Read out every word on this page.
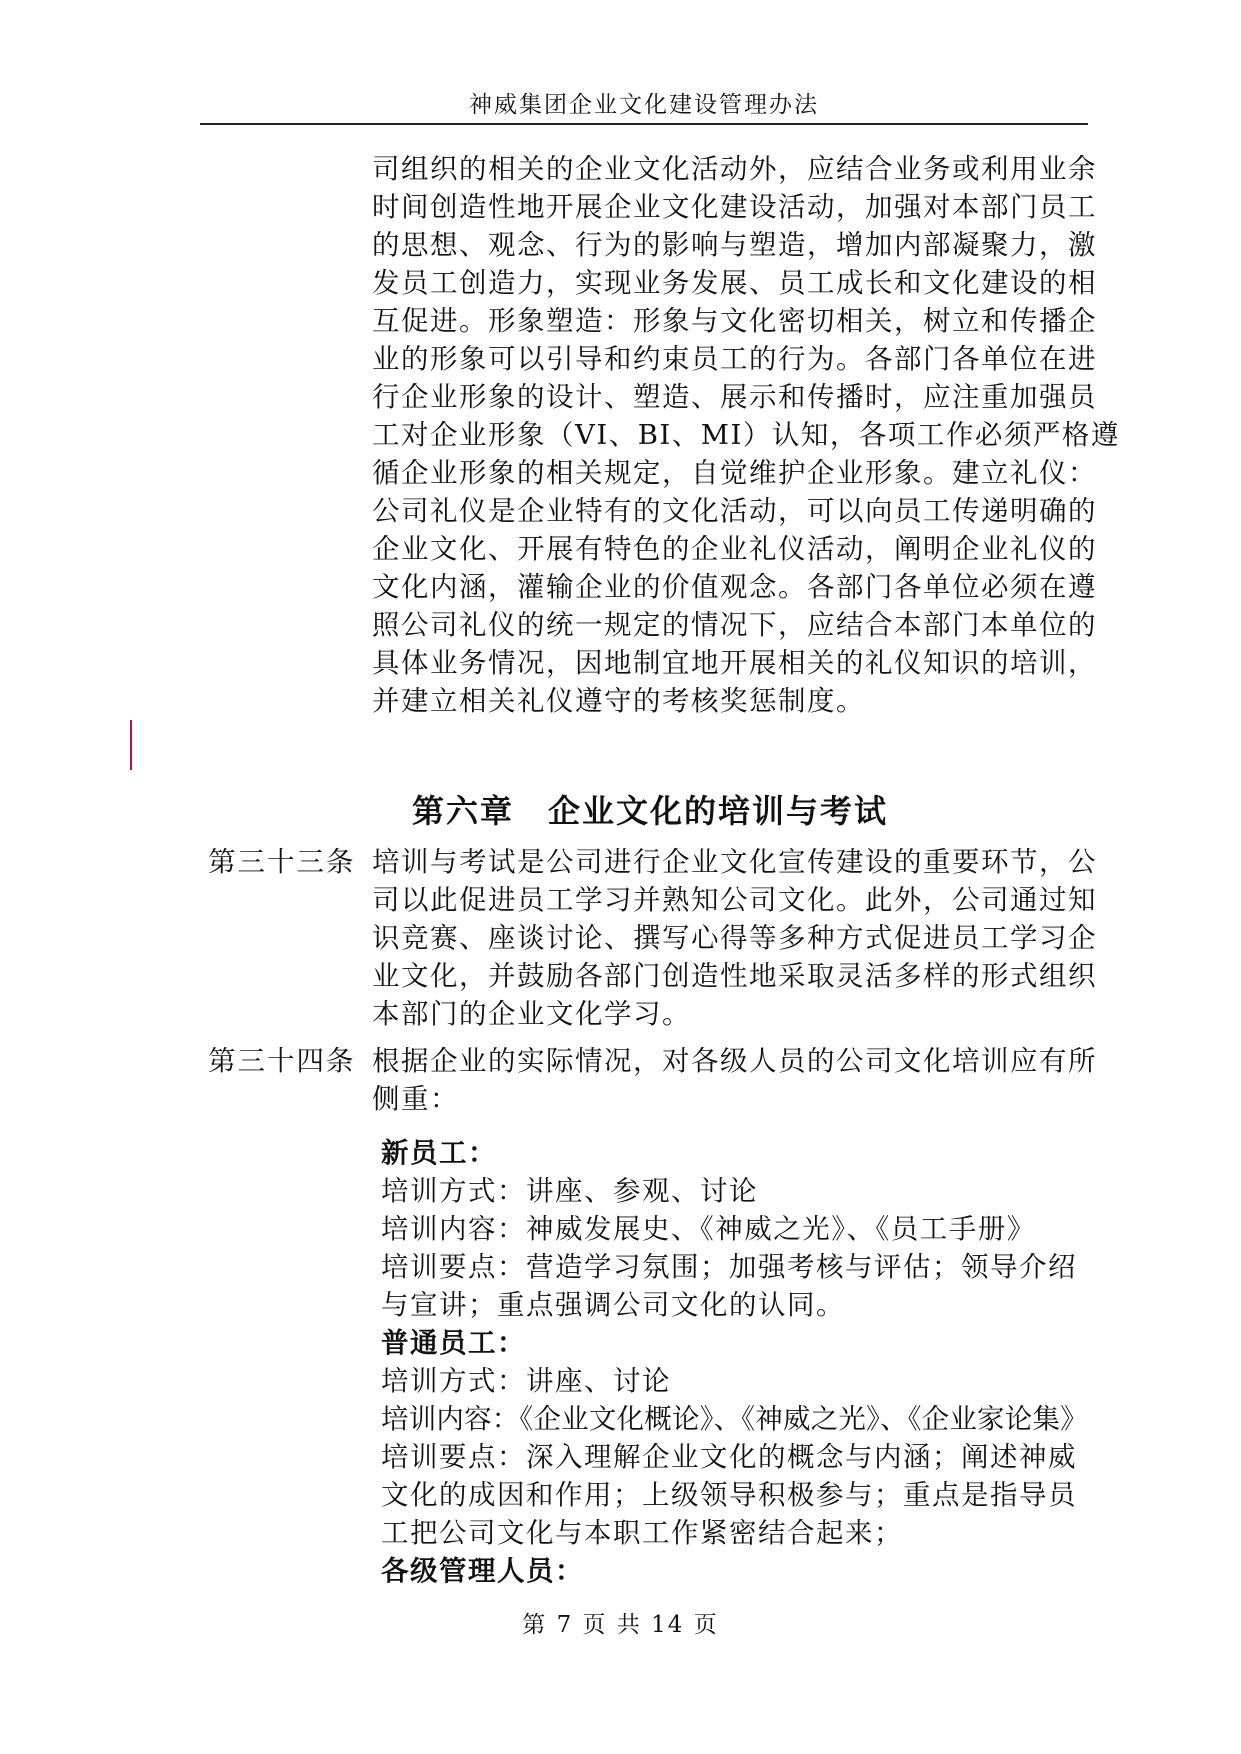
神威集团企业文化建设管理办法
司组织的相关的企业文化活动外，应结合业务或利用业余
时间创造性地开展企业文化建设活动，加强对本部门员工
的思想、观念、行为的影响与塑造，增加内部凝聚力，激
发员工创造力，实现业务发展、员工成长和文化建设的相
互促进。形象塑造：形象与文化密切相关，树立和传播企
业的形象可以引导和约束员工的行为。各部门各单位在进
行企业形象的设计、塑造、展示和传播时，应注重加强员
工对企业形象（VI、BI、MI）认知，各项工作必须严格遵
循企业形象的相关规定，自觉维护企业形象。建立礼仪：
公司礼仪是企业特有的文化活动，可以向员工传递明确的
企业文化、开展有特色的企业礼仪活动，阐明企业礼仪的
文化内涵，灌输企业的价值观念。各部门各单位必须在遵
照公司礼仪的统一规定的情况下，应结合本部门本单位的
具体业务情况，因地制宜地开展相关的礼仪知识的培训，
并建立相关礼仪遵守的考核奖惩制度。
第六章　企业文化的培训与考试
第三十三条 培训与考试是公司进行企业文化宣传建设的重要环节，公
司以此促进员工学习并熟知公司文化。此外，公司通过知
识竞赛、座谈讨论、撰写心得等多种方式促进员工学习企
业文化，并鼓励各部门创造性地采取灵活多样的形式组织
本部门的企业文化学习。
第三十四条 根据企业的实际情况，对各级人员的公司文化培训应有所
侧重：
新员工：
培训方式：讲座、参观、讨论
培训内容：神威发展史、《神威之光》、《员工手册》
培训要点：营造学习氛围；加强考核与评估；领导介绍
与宣讲；重点强调公司文化的认同。
普通员工：
培训方式：讲座、讨论
培训内容：《企业文化概论》、《神威之光》、《企业家论集》
培训要点：深入理解企业文化的概念与内涵；阐述神威
文化的成因和作用；上级领导积极参与；重点是指导员
工把公司文化与本职工作紧密结合起来；
各级管理人员：
第 7 页 共 14 页
